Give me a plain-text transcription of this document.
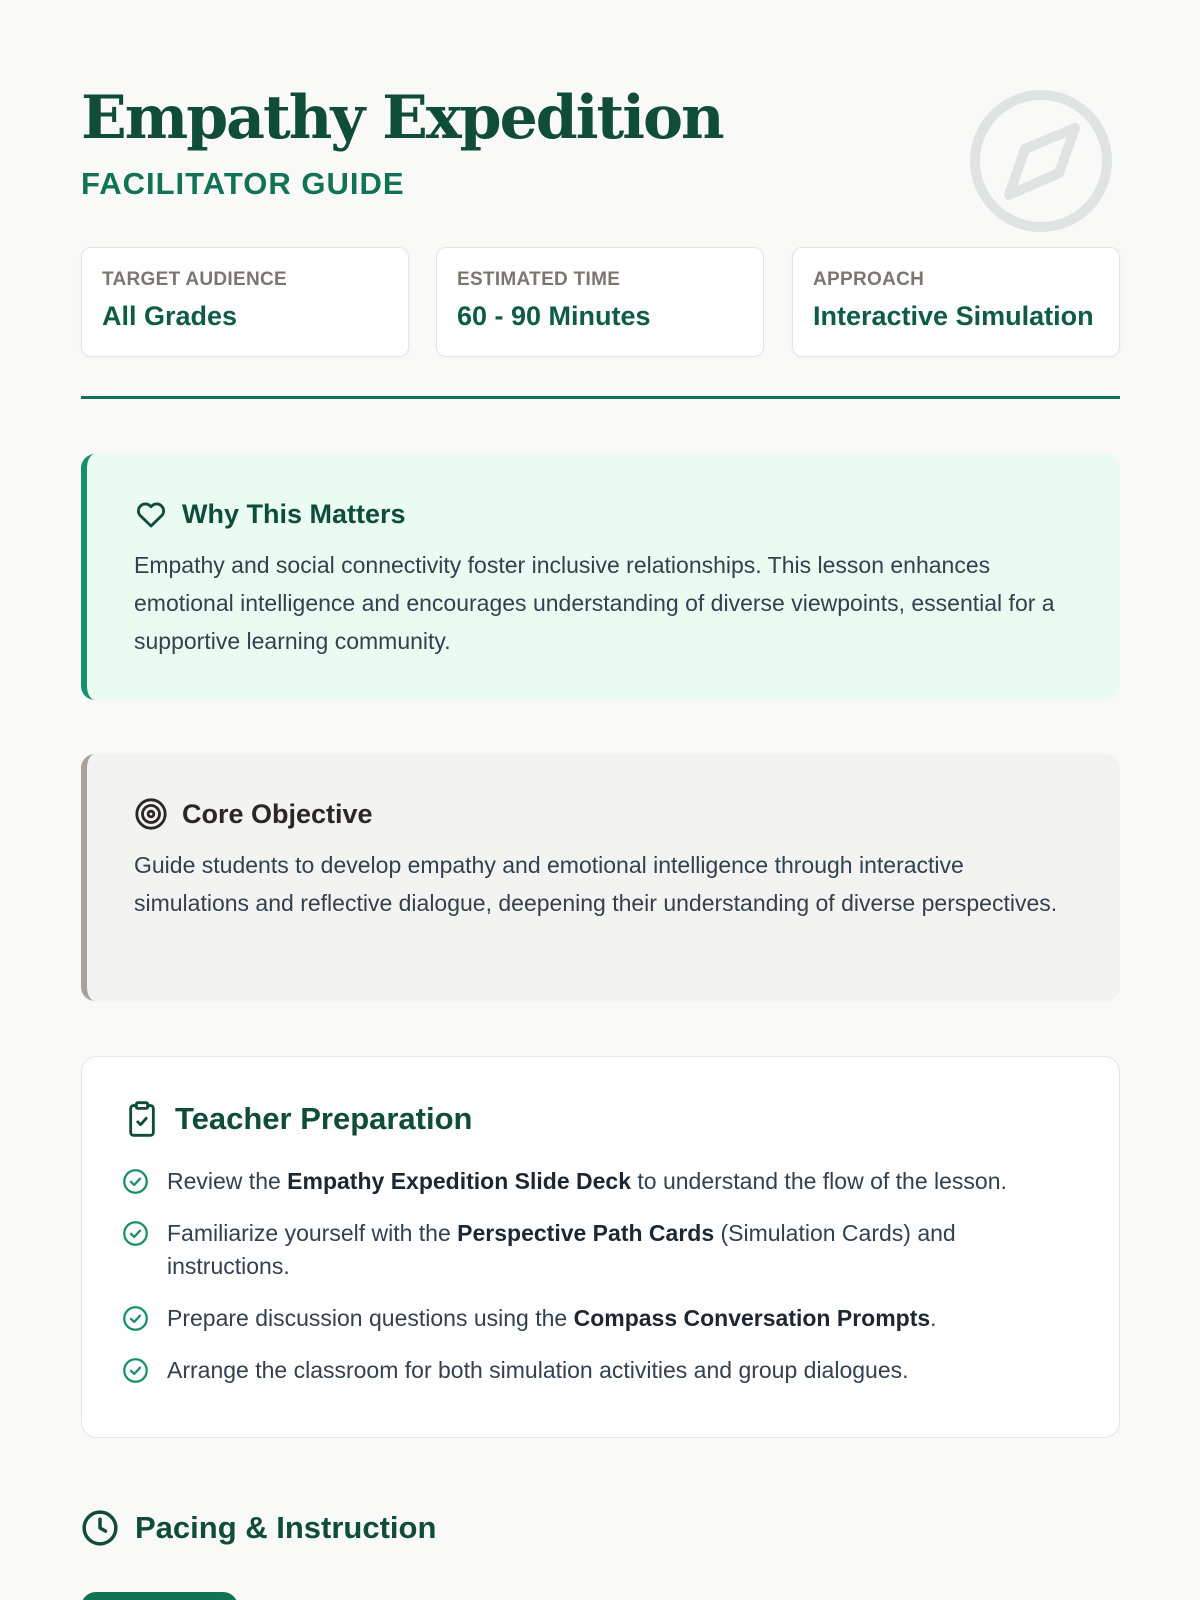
Empathy Expedition
FACILITATOR GUIDE
TARGET AUDIENCE
All Grades
ESTIMATED TIME
60 - 90 Minutes
APPROACH
Interactive Simulation
Why This Matters

Empathy and social connectivity foster inclusive relationships. This lesson enhances emotional intelligence and encourages understanding of diverse viewpoints, essential for a supportive learning community.

Core Objective

Guide students to develop empathy and emotional intelligence through interactive simulations and reflective dialogue, deepening their understanding of diverse perspectives.

Teacher Preparation
Review the Empathy Expedition Slide Deck to understand the flow of the lesson.
Familiarize yourself with the Perspective Path Cards (Simulation Cards) and instructions.
Prepare discussion questions using the Compass Conversation Prompts.
Arrange the classroom for both simulation activities and group dialogues.
Pacing & Instruction
